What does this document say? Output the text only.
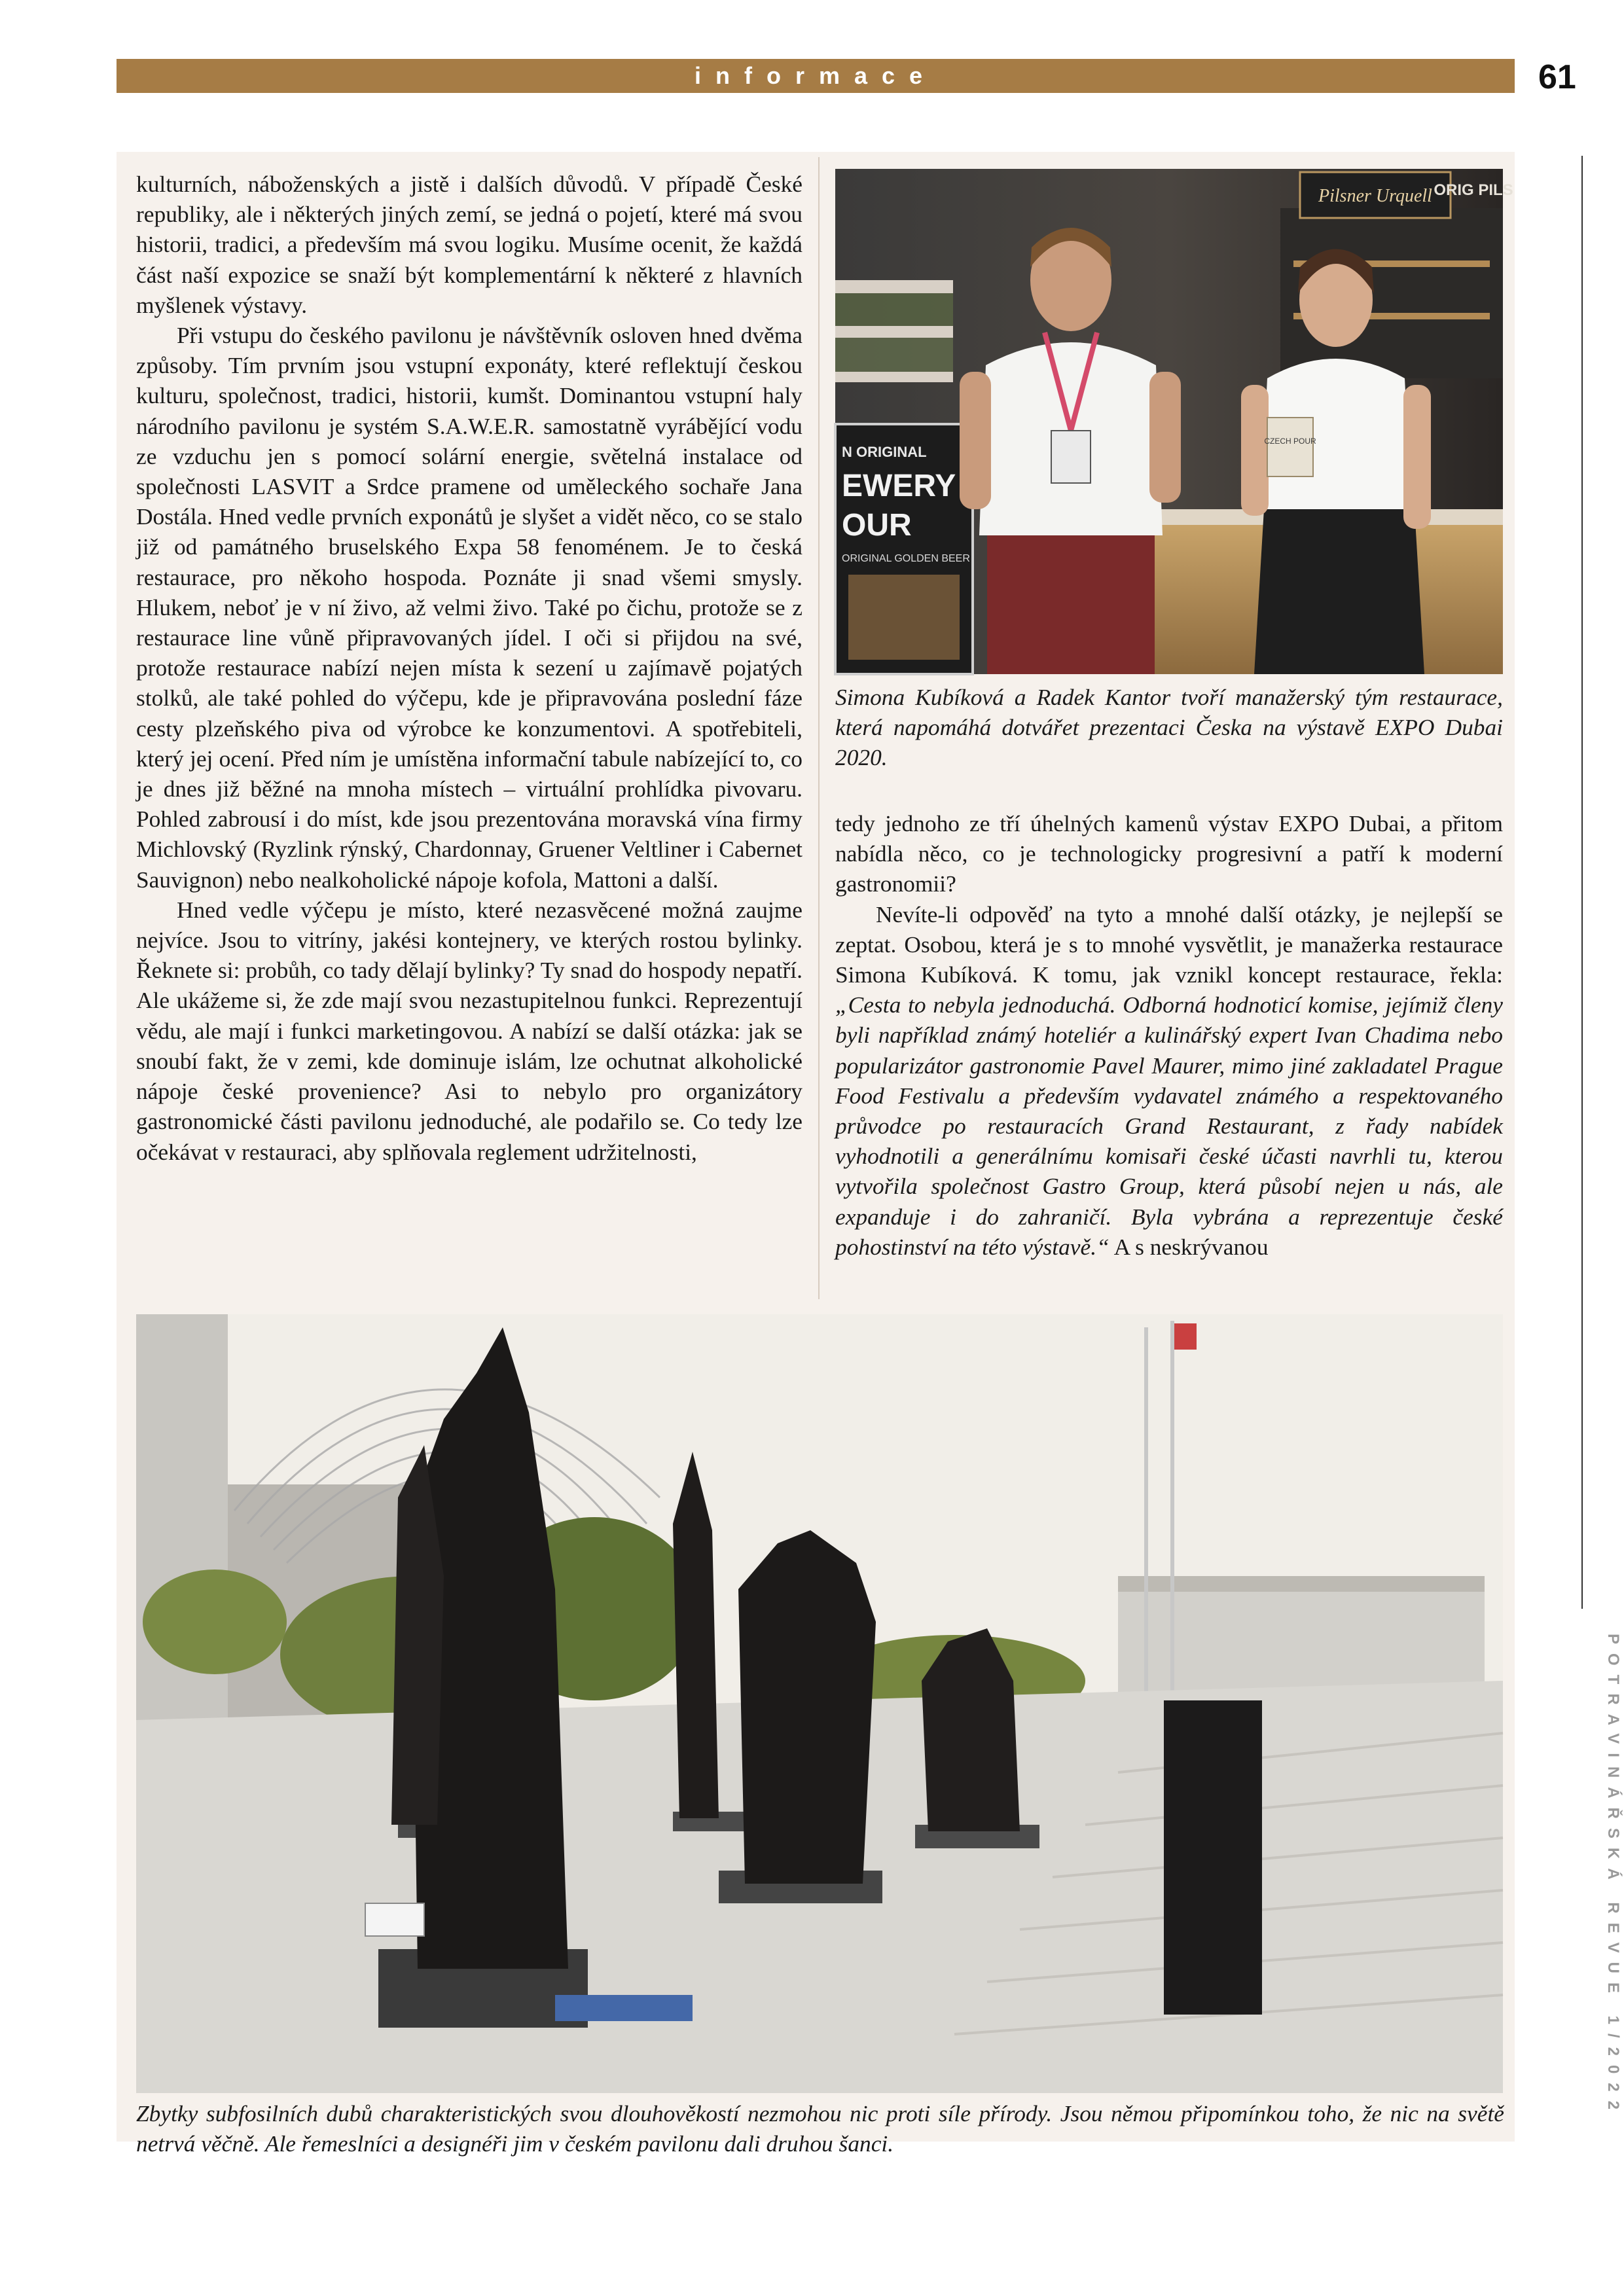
informace	61

kulturních, náboženských a jistě i dalších důvodů. V případě České republiky, ale i některých jiných zemí, se jedná o pojetí, které má svou historii, tradici, a především má svou logiku. Musíme ocenit, že každá část naší expozice se snaží být komplementární k některé z hlavních myšlenek výstavy.

Při vstupu do českého pavilonu je návštěvník osloven hned dvěma způsoby. Tím prvním jsou vstupní exponáty, které reflektují českou kulturu, společnost, tradici, historii, kumšt. Dominantou vstupní haly národního pavilonu je systém S.A.W.E.R. samostatně vyrábějící vodu ze vzduchu jen s pomocí solární energie, světelná instalace od společnosti LASVIT a Srdce pramene od uměleckého sochaře Jana Dostála. Hned vedle prvních exponátů je slyšet a vidět něco, co se stalo již od památného bruselského Expa 58 fenoménem. Je to česká restaurace, pro někoho hospoda. Poznáte ji snad všemi smysly. Hlukem, neboť je v ní živo, až velmi živo. Také po čichu, protože se z restaurace line vůně připravovaných jídel. I oči si přijdou na své, protože restaurace nabízí nejen místa k sezení u zajímavě pojatých stolků, ale také pohled do výčepu, kde je připravována poslední fáze cesty plzeňského piva od výrobce ke konzumentovi. A spotřebiteli, který jej ocení. Před ním je umístěna informační tabule nabízející to, co je dnes již běžné na mnoha místech – virtuální prohlídka pivovaru. Pohled zabrousí i do míst, kde jsou prezentována moravská vína firmy Michlovský (Ryzlink rýnský, Chardonnay, Gruener Veltliner i Cabernet Sauvignon) nebo nealkoholické nápoje kofola, Mattoni a další.

Hned vedle výčepu je místo, které nezasvěcené možná zaujme nejvíce. Jsou to vitríny, jakési kontejnery, ve kterých rostou bylinky. Řeknete si: probůh, co tady dělají bylinky? Ty snad do hospody nepatří. Ale ukážeme si, že zde mají svou nezastupitelnou funkci. Reprezentují vědu, ale mají i funkci marketingovou. A nabízí se další otázka: jak se snoubí fakt, že v zemi, kde dominuje islám, lze ochutnat alkoholické nápoje české provenience? Asi to nebylo pro organizátory gastronomické části pavilonu jednoduché, ale podařilo se. Co tedy lze očekávat v restauraci, aby splňovala reglement udržitelnosti,

Pilsner Urquell ORIG PILS
N ORIGINAL
EWERY
OUR
ORIGINAL GOLDEN BEER
CZECH POUR
Simona Kubíková a Radek Kantor tvoří manažerský tým restaurace, která napomáhá dotvářet prezentaci Česka na výstavě EXPO Dubai 2020.

tedy jednoho ze tří úhelných kamenů výstav EXPO Dubai, a přitom nabídla něco, co je technologicky progresivní a patří k moderní gastronomii?

Nevíte-li odpověď na tyto a mnohé další otázky, je nejlepší se zeptat. Osobou, která je s to mnohé vysvětlit, je manažerka restaurace Simona Kubíková. K tomu, jak vznikl koncept restaurace, řekla: „Cesta to nebyla jednoduchá. Odborná hodnoticí komise, jejímiž členy byli například známý hoteliér a kulinářský expert Ivan Chadima nebo popularizátor gastronomie Pavel Maurer, mimo jiné zakladatel Prague Food Festivalu a především vydavatel známého a respektovaného průvodce po restauracích Grand Restaurant, z řady nabídek vyhodnotili a generálnímu komisaři české účasti navrhli tu, kterou vytvořila společnost Gastro Group, která působí nejen u nás, ale expanduje i do zahraničí. Byla vybrána a reprezentuje české pohostinství na této výstavě.“ A s neskrývanou

Zbytky subfosilních dubů charakteristických svou dlouhověkostí nezmohou nic proti síle přírody. Jsou němou připomínkou toho, že nic na světě netrvá věčně. Ale řemeslníci a designéři jim v českém pavilonu dali druhou šanci.
POTRAVINÁŘSKÁ REVUE 1/2022
